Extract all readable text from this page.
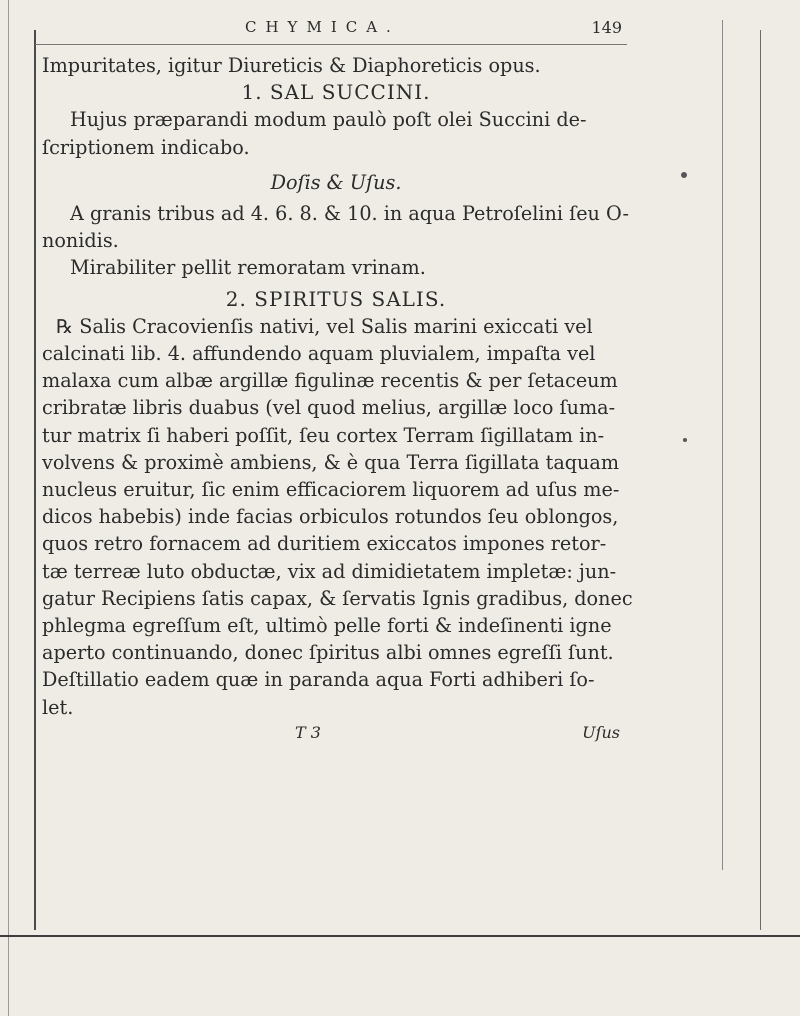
CHYMICA.	149
Impuritates, igitur Diureticis & Diaphoreticis opus.
1. SAL SUCCINI.
Hujus præparandi modum paulò poſt olei Succini de-
ſcriptionem indicabo.
Doſis & Uſus.
A granis tribus ad 4. 6. 8. & 10. in aqua Petroſelini ſeu O-
nonidis.
Mirabiliter pellit remoratam vrinam.
2. SPIRITUS SALIS.
℞ Salis Cracovienſis nativi, vel Salis marini exiccati vel
calcinati lib. 4. affundendo aquam pluvialem, impaſta vel
malaxa cum albæ argillæ figulinæ recentis & per ſetaceum
cribratæ libris duabus (vel quod melius, argillæ loco ſuma-
tur matrix ſi haberi poſſit, ſeu cortex Terram ſigillatam in-
volvens & proximè ambiens, & è qua Terra ſigillata taquam
nucleus eruitur, ſic enim efficaciorem liquorem ad uſus me-
dicos habebis) inde facias orbiculos rotundos ſeu oblongos,
quos retro fornacem ad duritiem exiccatos impones retor-
tæ terreæ luto obductæ, vix ad dimidietatem impletæ: jun-
gatur Recipiens ſatis capax, & ſervatis Ignis gradibus, donec
phlegma egreſſum eſt, ultimò pelle forti & indeſinenti igne
aperto continuando, donec ſpiritus albi omnes egreſſi ſunt.
Deſtillatio eadem quæ in paranda aqua Forti adhiberi ſo-
let.
T 3	Uſus
